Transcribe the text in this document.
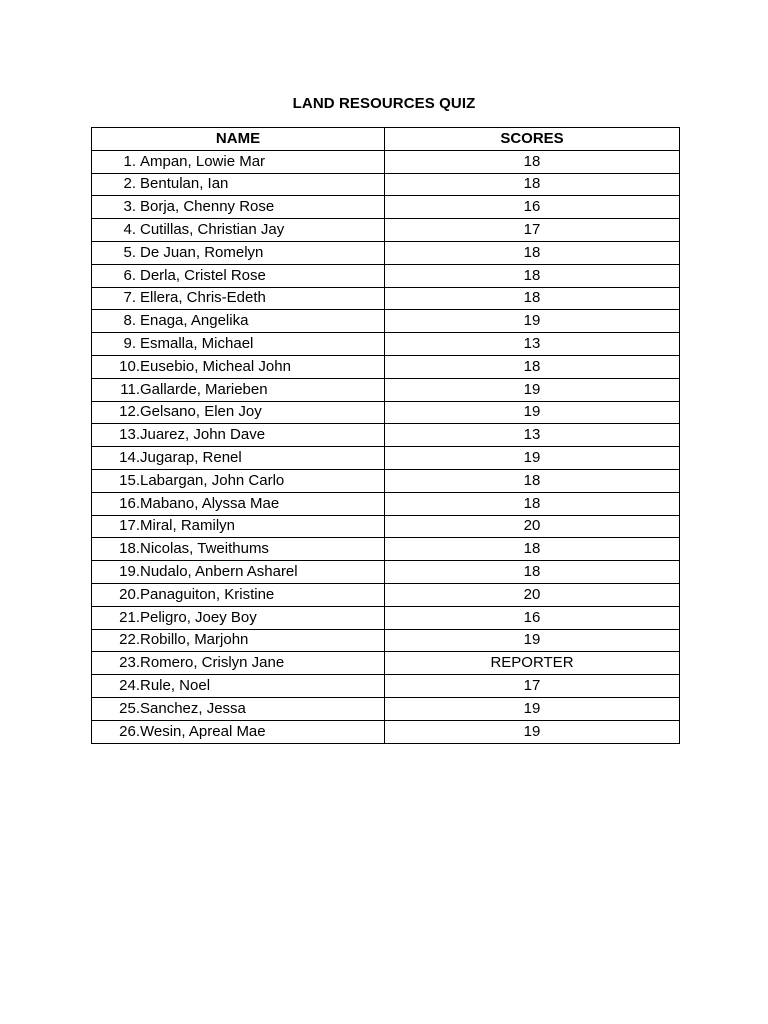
LAND RESOURCES QUIZ
NAME	SCORES
1. Ampan, Lowie Mar	18
2. Bentulan, Ian	18
3. Borja, Chenny Rose	16
4. Cutillas, Christian Jay	17
5. De Juan, Romelyn	18
6. Derla, Cristel Rose	18
7. Ellera, Chris-Edeth	18
8. Enaga, Angelika	19
9. Esmalla, Michael	13
10.Eusebio, Micheal John	18
11.Gallarde, Marieben	19
12.Gelsano, Elen Joy	19
13.Juarez, John Dave	13
14.Jugarap, Renel	19
15.Labargan, John Carlo	18
16.Mabano, Alyssa Mae	18
17.Miral, Ramilyn	20
18.Nicolas, Tweithums	18
19.Nudalo, Anbern Asharel	18
20.Panaguiton, Kristine	20
21.Peligro, Joey Boy	16
22.Robillo, Marjohn	19
23.Romero, Crislyn Jane	REPORTER
24.Rule, Noel	17
25.Sanchez, Jessa	19
26.Wesin, Apreal Mae	19
